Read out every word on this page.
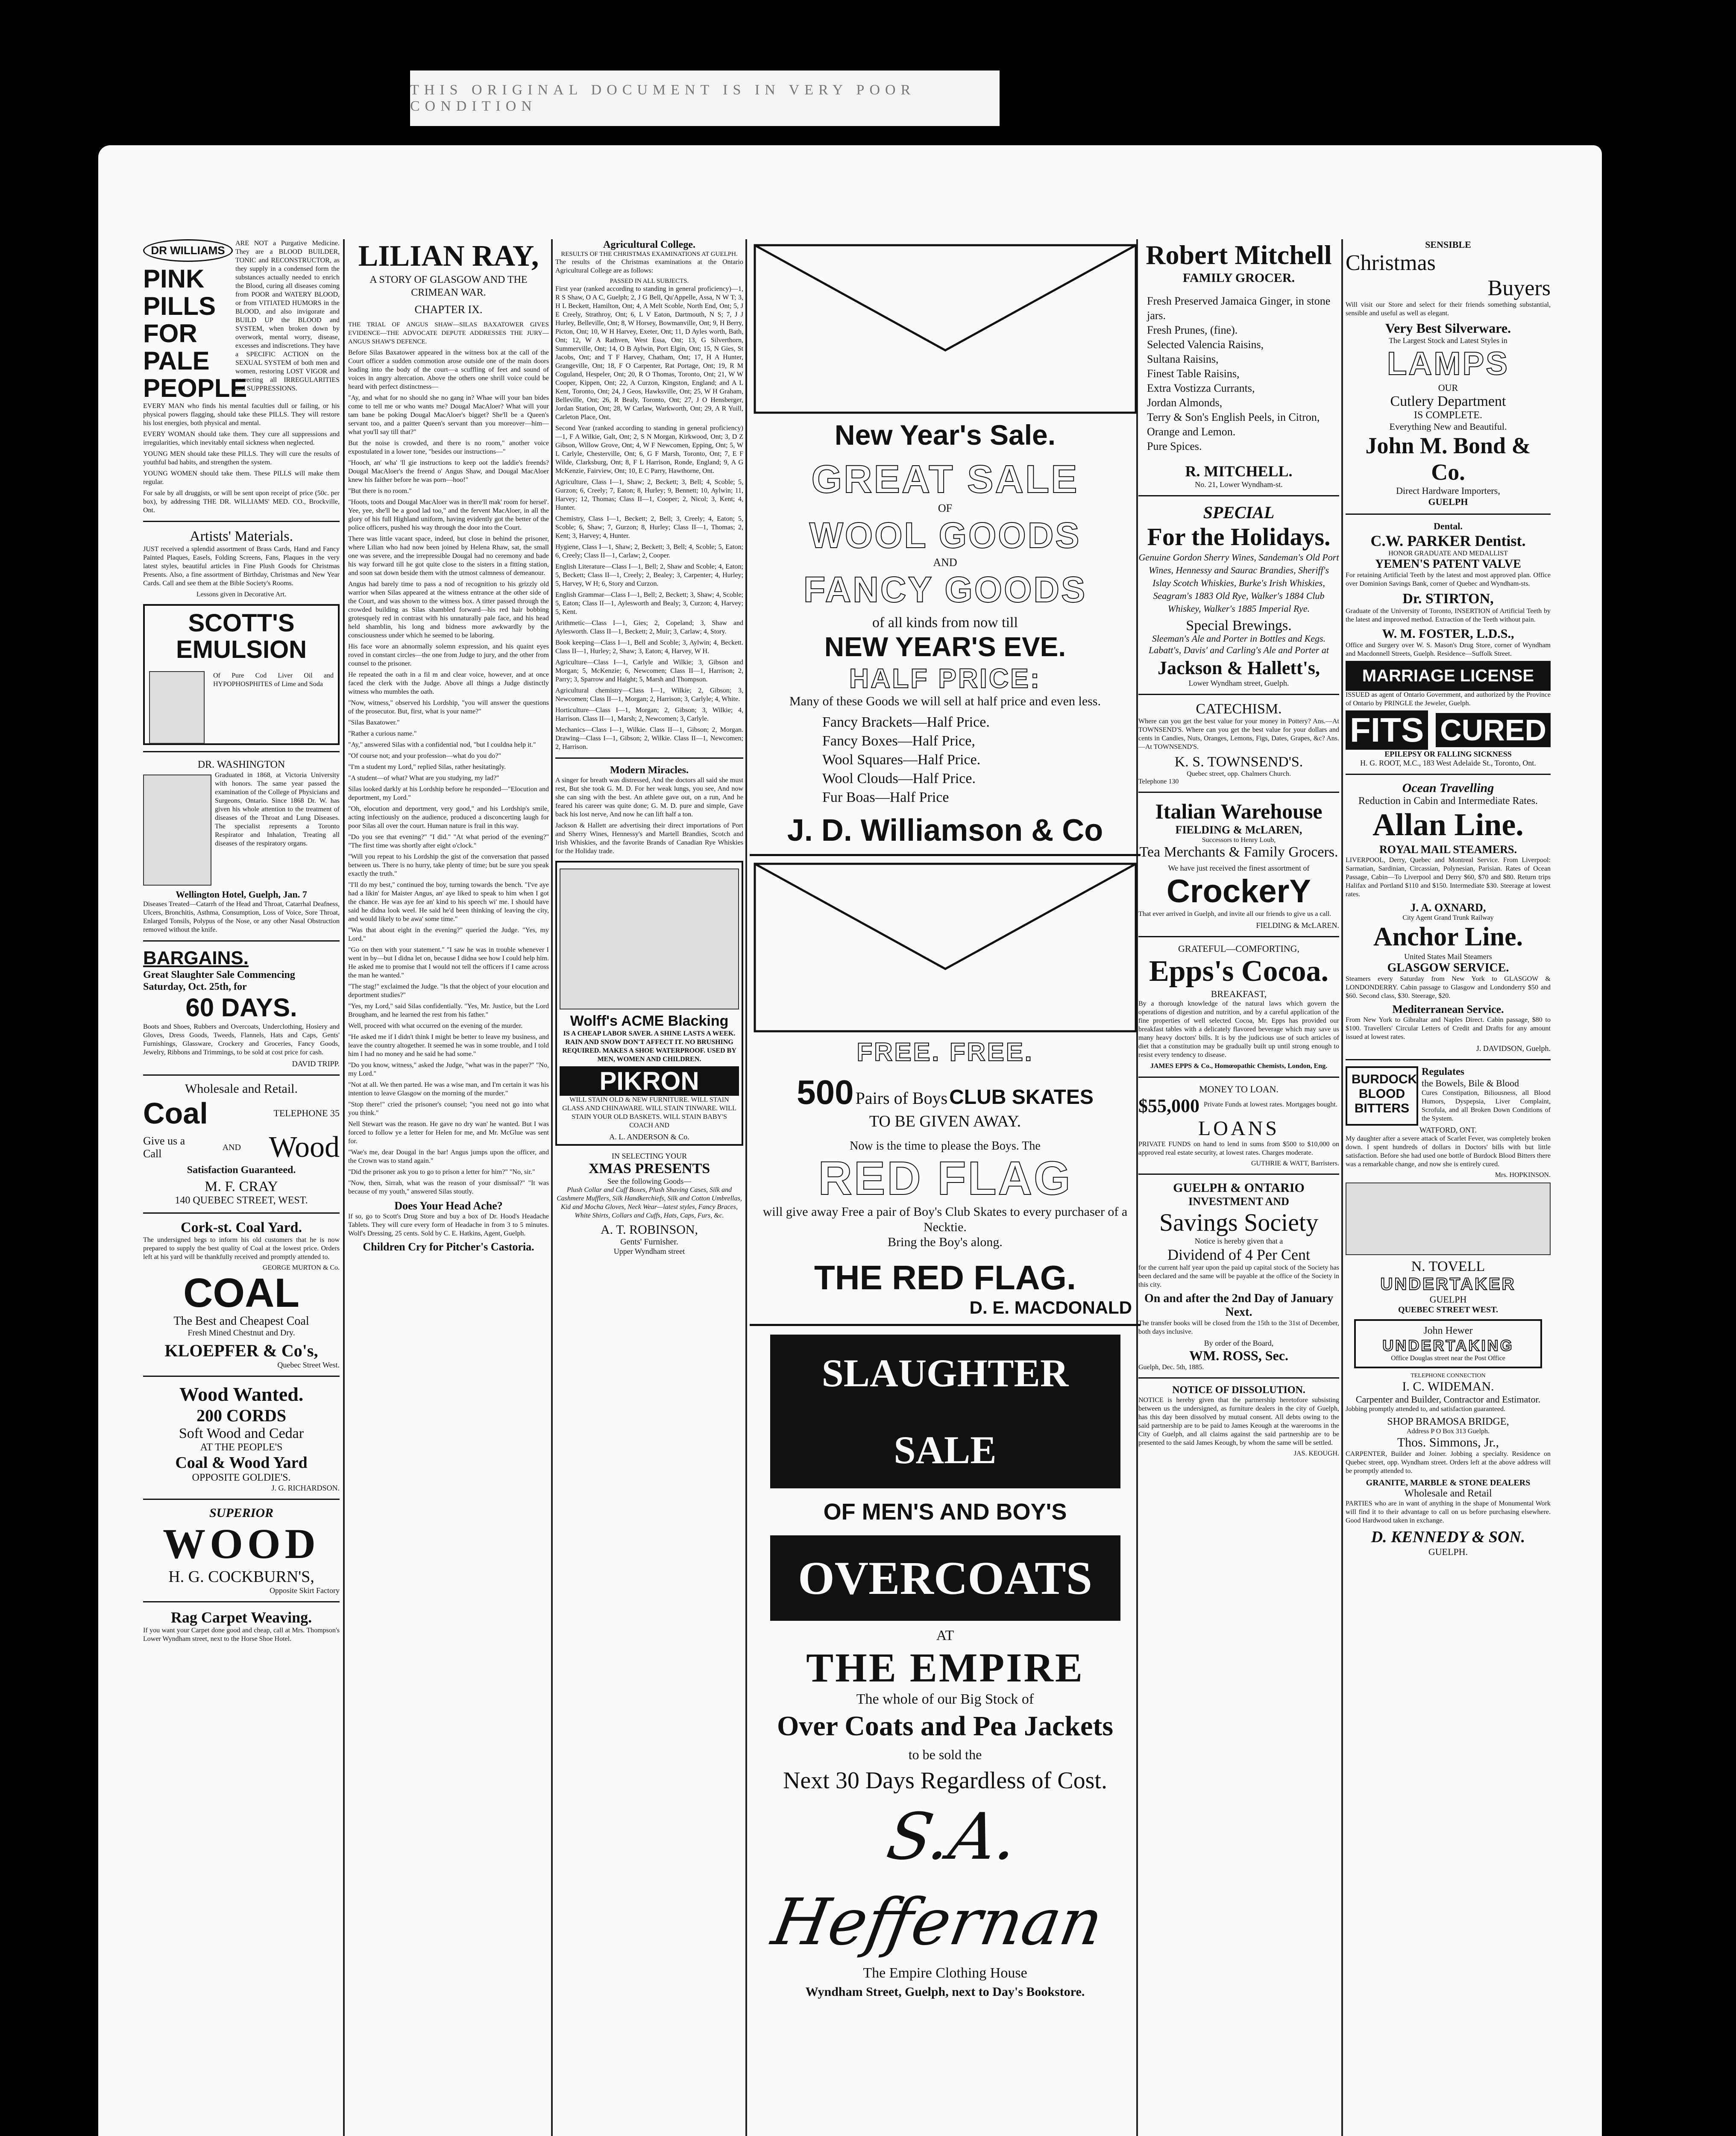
THIS ORIGINAL DOCUMENT IS IN VERY POOR CONDITION
DR WILLIAMS
PINK PILLS FOR PALE PEOPLE

ARE NOT a Purgative Medicine. They are a BLOOD BUILDER, TONIC and RECONSTRUCTOR, as they supply in a condensed form the substances actually needed to enrich the Blood, curing all diseases coming from POOR and WATERY BLOOD, or from VITIATED HUMORS in the BLOOD, and also invigorate and BUILD UP the BLOOD and SYSTEM, when broken down by overwork, mental worry, disease, excesses and indiscretions. They have a SPECIFIC ACTION on the SEXUAL SYSTEM of both men and women, restoring LOST VIGOR and correcting all IRREGULARITIES and SUPPRESSIONS.

EVERY MAN who finds his mental faculties dull or failing, or his physical powers flagging, should take these PILLS. They will restore his lost energies, both physical and mental.

EVERY WOMAN should take them. They cure all suppressions and irregularities, which inevitably entail sickness when neglected.

YOUNG MEN should take these PILLS. They will cure the results of youthful bad habits, and strengthen the system.

YOUNG WOMEN should take them. These PILLS will make them regular.

For sale by all druggists, or will be sent upon receipt of price (50c. per box), by addressing THE DR. WILLIAMS' MED. CO., Brockville, Ont.

Artists' Materials.

JUST received a splendid assortment of Brass Cards, Hand and Fancy Painted Plaques, Easels, Folding Screens, Fans, Plaques in the very latest styles, beautiful articles in Fine Plush Goods for Christmas Presents. Also, a fine assortment of Birthday, Christmas and New Year Cards. Call and see them at the Bible Society's Rooms.

Lessons given in Decorative Art.

SCOTT'S EMULSION

Of Pure Cod Liver Oil and HYPOPHOSPHITES of Lime and Soda

DR. WASHINGTON

Graduated in 1868, at Victoria University with honors. The same year passed the examination of the College of Physicians and Surgeons, Ontario. Since 1868 Dr. W. has given his whole attention to the treatment of diseases of the Throat and Lung Diseases. The specialist represents a Toronto Respirator and Inhalation, Treating all diseases of the respiratory organs.

Wellington Hotel, Guelph, Jan. 7

Diseases Treated—Catarrh of the Head and Throat, Catarrhal Deafness, Ulcers, Bronchitis, Asthma, Consumption, Loss of Voice, Sore Throat, Enlarged Tonsils, Polypus of the Nose, or any other Nasal Obstruction removed without the knife.

BARGAINS.
Great Slaughter Sale Commencing Saturday, Oct. 25th, for
60 DAYS.

Boots and Shoes, Rubbers and Overcoats, Underclothing, Hosiery and Gloves, Dress Goods, Tweeds, Flannels, Hats and Caps, Gents' Furnishings, Glassware, Crockery and Groceries, Fancy Goods, Jewelry, Ribbons and Trimmings, to be sold at cost price for cash.

DAVID TRIPP.
Wholesale and Retail.
Coal	TELEPHONE 35
Give us a Call
AND Wood
Satisfaction Guaranteed.
M. F. CRAY
140 QUEBEC STREET, WEST.
Cork-st. Coal Yard.

The undersigned begs to inform his old customers that he is now prepared to supply the best quality of Coal at the lowest price. Orders left at his yard will be thankfully received and promptly attended to.

GEORGE MURTON & Co.
COAL
The Best and Cheapest Coal
Fresh Mined Chestnut and Dry.
KLOEPFER & Co's,
Quebec Street West.
Wood Wanted.
200 CORDS
Soft Wood and Cedar
AT THE PEOPLE'S
Coal & Wood Yard
OPPOSITE GOLDIE'S.
J. G. RICHARDSON.
SUPERIOR
WOOD
H. G. COCKBURN'S,
Opposite Skirt Factory
Rag Carpet Weaving.

If you want your Carpet done good and cheap, call at Mrs. Thompson's Lower Wyndham street, next to the Horse Shoe Hotel.

LILIAN RAY,
A STORY OF GLASGOW AND THE CRIMEAN WAR.
CHAPTER IX.

THE TRIAL OF ANGUS SHAW—SILAS BAXATOWER GIVES EVIDENCE—THE ADVOCATE DEPUTE ADDRESSES THE JURY—ANGUS SHAW'S DEFENCE.

Before Silas Baxatower appeared in the witness box at the call of the Court officer a sudden commotion arose outside one of the main doors leading into the body of the court—a scuffling of feet and sound of voices in angry altercation. Above the others one shrill voice could be heard with perfect distinctness—

"Ay, and what for no should she no gang in? Whae will your ban bides come to tell me or who wants me? Dougal MacAloer? What will your tam bane be poking Dougal MacAloer's bigget? She'll be a Queen's servant too, and a paitter Queen's servant than you moreover—him—what you'll say till that?"

But the noise is crowded, and there is no room," another voice expostulated in a lower tone, "besides our instructions—"

"Hooch, an' wha' 'll gie instructions to keep oot the laddie's freends? Dougal MacAloer's the freend o' Angus Shaw, and Dougal MacAloer knew his faither before he was porn—hoo!"

"But there is no room."

"Hoots, toots and Dougal MacAloer was in there'll mak' room for hersel'. Yee, yee, she'll be a good lad too," and the fervent MacAloer, in all the glory of his full Highland uniform, having evidently got the better of the police officers, pushed his way through the door into the Court.

There was little vacant space, indeed, but close in behind the prisoner, where Lilian who had now been joined by Helena Rhaw, sat, the small one was severe, and the irrepressible Dougal had no ceremony and bade his way forward till he got quite close to the sisters in a fitting station, and soon sat down beside them with the utmost calmness of demeanour.

Angus had barely time to pass a nod of recognition to his grizzly old warrior when Silas appeared at the witness entrance at the other side of the Court, and was shown to the witness box. A titter passed through the crowded building as Silas shambled forward—his red hair bobbing grotesquely red in contrast with his unnaturally pale face, and his head held shamblin, his long and bidness more awkwardly by the consciousness under which he seemed to be laboring.

His face wore an abnormally solemn expression, and his quaint eyes roved in constant circles—the one from Judge to jury, and the other from counsel to the prisoner.

He repeated the oath in a fil m and clear voice, however, and at once faced the clerk with the Judge. Above all things a Judge distinctly witness who mumbles the oath.

"Now, witness," observed his Lordship, "you will answer the questions of the prosecutor. But, first, what is your name?"

"Silas Baxatower."

"Rather a curious name."

"Ay," answered Silas with a confidential nod, "but I couldna help it."

"Of course not; and your profession—what do you do?"

"I'm a student my Lord," replied Silas, rather hesitatingly.

"A student—of what? What are you studying, my lad?"

Silas looked darkly at his Lordship before he responded—"Elocution and deportment, my Lord."

"Oh, elocution and deportment, very good," and his Lordship's smile, acting infectiously on the audience, produced a disconcerting laugh for poor Silas all over the court. Human nature is frail in this way.

"Do you see that evening?" "I did." "At what period of the evening?" "The first time was shortly after eight o'clock."

"Will you repeat to his Lordship the gist of the conversation that passed between us. There is no hurry, take plenty of time; but be sure you speak exactly the truth."

"I'll do my best," continued the boy, turning towards the bench. "I've aye had a likin' for Maister Angus, an' aye liked to speak to him when I got the chance. He was aye fee an' kind to his speech wi' me. I should have said he didna look weel. He said he'd been thinking of leaving the city, and would likely to be awa' some time."

"Was that about eight in the evening?" queried the Judge. "Yes, my Lord."

"Go on then with your statement." "I saw he was in trouble whenever I went in by—but I didna let on, because I didna see how I could help him. He asked me to promise that I would not tell the officers if I came across the man he wanted."

"The stag!" exclaimed the Judge. "Is that the object of your elocution and deportment studies?"

"Yes, my Lord," said Silas confidentially. "Yes, Mr. Justice, but the Lord Brougham, and he learned the rest from his father."

Well, proceed with what occurred on the evening of the murder.

"He asked me if I didn't think I might be better to leave my business, and leave the country altogether. It seemed he was in some trouble, and I told him I had no money and he said he had some."

"Do you know, witness," asked the Judge, "what was in the paper?" "No, my Lord."

"Not at all. We then parted. He was a wise man, and I'm certain it was his intention to leave Glasgow on the morning of the murder."

"Stop there!" cried the prisoner's counsel; "you need not go into what you think."

Nell Stewart was the reason. He gave no dry wan' he wanted. But I was forced to follow ye a letter for Helen for me, and Mr. McGlue was sent for.

"Wae's me, dear Dougal in the bar! Angus jumps upon the officer, and the Crown was to stand again."

"Did the prisoner ask you to go to prison a letter for him?" "No, sir."

"Now, then, Sirrah, what was the reason of your dismissal?" "It was because of my youth," answered Silas stoutly.

Does Your Head Ache?

If so, go to Scott's Drug Store and buy a box of Dr. Hood's Headache Tablets. They will cure every form of Headache in from 3 to 5 minutes. Wolf's Dressing, 25 cents. Sold by C. E. Hatkins, Agent, Guelph.

Children Cry for Pitcher's Castoria.
Agricultural College.
RESULTS OF THE CHRISTMAS EXAMINATIONS AT GUELPH.

The results of the Christmas examinations at the Ontario Agricultural College are as follows:

PASSED IN ALL SUBJECTS.

First year (ranked according to standing in general proficiency)—1, R S Shaw, O A C, Guelph; 2, J G Bell, Qu'Appelle, Assa, N W T; 3, H L Beckett, Hamilton, Ont; 4, A Melt Scoble, North End, Ont; 5, J E Creely, Strathroy, Ont; 6, L V Eaton, Dartmouth, N S; 7, J J Hurley, Belleville, Ont; 8, W Horsey, Bowmanville, Ont; 9, H Berry, Picton, Ont; 10, W H Harvey, Exeter, Ont; 11, D Ayles worth, Bath, Ont; 12, W A Rathven, West Essa, Ont; 13, G Silverthorn, Summerville, Ont; 14, O B Aylwin, Port Elgin, Ont; 15, N Gies, St Jacobs, Ont; and T F Harvey, Chatham, Ont; 17, H A Hunter, Grangeville, Ont; 18, F O Carpenter, Rat Portage, Ont; 19, R M Coguland, Hespeler, Ont; 20, R O Thomas, Toronto, Ont; 21, W W Cooper, Kippen, Ont; 22, A Curzon, Kingston, England; and A L Kent, Toronto, Ont; 24, J Geos, Hawksville, Ont; 25, W H Graham, Belleville, Ont; 26, R Bealy, Toronto, Ont; 27, J O Hensberger, Jordan Station, Ont; 28, W Carlaw, Warkworth, Ont; 29, A R Yuill, Carleton Place, Ont.

Second Year (ranked according to standing in general proficiency)—1, F A Wilkie, Galt, Ont; 2, S N Morgan, Kirkwood, Ont; 3, D Z Gibson, Willow Grove, Ont; 4, W F Newcomen, Epping, Ont; 5, W L Carlyle, Chesterville, Ont; 6, G F Marsh, Toronto, Ont; 7, E F Wilde, Clarksburg, Ont; 8, F L Harrison, Ronde, England; 9, A G McKenzie, Fairview, Ont; 10, E C Parry, Hawthorne, Ont.

Agriculture, Class I—1, Shaw; 2, Beckett; 3, Bell; 4, Scoble; 5, Gurzon; 6, Creely; 7, Eaton; 8, Hurley; 9, Bennett; 10, Aylwin; 11, Harvey; 12, Thomas; Class II—1, Cooper; 2, Nicol; 3, Kent; 4, Hunter.

Chemistry, Class I—1, Beckett; 2, Bell; 3, Creely; 4, Eaton; 5, Scoble; 6, Shaw; 7, Gurzon; 8, Hurley; Class II—1, Thomas; 2, Kent; 3, Harvey; 4, Hunter.

Hygiene, Class I—1, Shaw; 2, Beckett; 3, Bell; 4, Scoble; 5, Eaton; 6, Creely; Class II—1, Carlaw; 2, Cooper.

English Literature—Class I—1, Bell; 2, Shaw and Scoble; 4, Eaton; 5, Beckett; Class II—1, Creely; 2, Bealey; 3, Carpenter; 4, Hurley; 5, Harvey, W H; 6, Story and Curzon.

English Grammar—Class I—1, Bell; 2, Beckett; 3, Shaw; 4, Scoble; 5, Eaton; Class II—1, Aylesworth and Bealy; 3, Curzon; 4, Harvey; 5, Kent.

Arithmetic—Class I—1, Gies; 2, Copeland; 3, Shaw and Aylesworth. Class II—1, Beckett; 2, Muir; 3, Carlaw; 4, Story.

Book keeping—Class I—1, Bell and Scoble; 3, Aylwin; 4, Beckett. Class II—1, Hurley; 2, Shaw; 3, Eaton; 4, Harvey, W H.

Agriculture—Class I—1, Carlyle and Wilkie; 3, Gibson and Morgan; 5, McKenzie; 6, Newcomen; Class II—1, Harrison; 2, Parry; 3, Sparrow and Haight; 5, Marsh and Thompson.

Agricultural chemistry—Class I—1, Wilkie; 2, Gibson; 3, Newcomen; Class II—1, Morgan; 2, Harrison; 3, Carlyle; 4, White.

Horticulture—Class I—1, Morgan; 2, Gibson; 3, Wilkie; 4, Harrison. Class II—1, Marsh; 2, Newcomen; 3, Carlyle.

Mechanics—Class I—1, Wilkie. Class II—1, Gibson; 2, Morgan. Drawing—Class I—1, Gibson; 2, Wilkie. Class II—1, Newcomen; 2, Harrison.

Modern Miracles.

A singer for breath was distressed, And the doctors all said she must rest, But she took G. M. D. For her weak lungs, you see, And now she can sing with the best. An athlete gave out, on a run, And he feared his career was quite done; G. M. D. pure and simple, Gave back his lost nerve, And now he can lift half a ton.

Jackson & Hallett are advertising their direct importations of Port and Sherry Wines, Hennessy's and Martell Brandies, Scotch and Irish Whiskies, and the favorite Brands of Canadian Rye Whiskies for the Holiday trade.

Wolff's ACME Blacking

IS A CHEAP LABOR SAVER. A SHINE LASTS A WEEK. RAIN AND SNOW DON'T AFFECT IT. NO BRUSHING REQUIRED. MAKES A SHOE WATERPROOF. USED BY MEN, WOMEN AND CHILDREN.

PIKRON

WILL STAIN OLD & NEW FURNITURE. WILL STAIN GLASS AND CHINAWARE. WILL STAIN TINWARE. WILL STAIN YOUR OLD BASKETS. WILL STAIN BABY'S COACH AND

A. L. ANDERSON & Co.
IN SELECTING YOUR
XMAS PRESENTS
See the following Goods—

Plush Collar and Cuff Boxes, Plush Shaving Cases, Silk and Cashmere Mufflers, Silk Handkerchiefs, Silk and Cotton Umbrellas, Kid and Mocha Gloves, Neck Wear—latest styles, Fancy Braces, White Shirts, Collars and Cuffs, Hats, Caps, Furs, &c.

A. T. ROBINSON,
Gents' Furnisher.
Upper Wyndham street
New Year's Sale.
GREAT SALE
OF
WOOL GOODS
AND
FANCY GOODS
of all kinds from now till
NEW YEAR'S EVE.
HALF PRICE:
Many of these Goods we will sell at half price and even less.
Fancy Brackets—Half Price.
Fancy Boxes—Half Price,
Wool Squares—Half Price.
Wool Clouds—Half Price.
Fur Boas—Half Price
J. D. Williamson & Co
FREE. FREE.
500 Pairs of Boys CLUB SKATES
TO BE GIVEN AWAY.
Now is the time to please the Boys. The
RED FLAG
will give away Free a pair of Boy's Club Skates to every purchaser of a Necktie.
Bring the Boy's along.
THE RED FLAG.
D. E. MACDONALD
SLAUGHTER SALE
OF MEN'S AND BOY'S
OVERCOATS
AT
THE EMPIRE
The whole of our Big Stock of
Over Coats and Pea Jackets
to be sold the
Next 30 Days Regardless of Cost.
S.A. Heffernan
The Empire Clothing House
Wyndham Street, Guelph, next to Day's Bookstore.
Robert Mitchell
FAMILY GROCER.
Fresh Preserved Jamaica Ginger, in stone jars.
Fresh Prunes, (fine).
Selected Valencia Raisins,
Sultana Raisins,
Finest Table Raisins,
Extra Vostizza Currants,
Jordan Almonds,
Terry & Son's English Peels, in Citron, Orange and Lemon.
Pure Spices.
R. MITCHELL.
No. 21, Lower Wyndham-st.
SPECIAL
For the Holidays.

Genuine Gordon Sherry Wines, Sandeman's Old Port Wines, Hennessy and Saurac Brandies, Sheriff's Islay Scotch Whiskies, Burke's Irish Whiskies, Seagram's 1883 Old Rye, Walker's 1884 Club Whiskey, Walker's 1885 Imperial Rye.

Special Brewings.

Sleeman's Ale and Porter in Bottles and Kegs.

Labatt's, Davis' and Carling's Ale and Porter at

Jackson & Hallett's,
Lower Wyndham street, Guelph.
CATECHISM.

Where can you get the best value for your money in Pottery? Ans.—At TOWNSEND'S. Where can you get the best value for your dollars and cents in Candies, Nuts, Oranges, Lemons, Figs, Dates, Grapes, &c? Ans.—At TOWNSEND'S.

K. S. TOWNSEND'S.
Quebec street, opp. Chalmers Church.
Telephone 130
Italian Warehouse
FIELDING & McLAREN,
Successors to Henry Loub,
Tea Merchants & Family Grocers.
We have just received the finest assortment of
CrockerY

That ever arrived in Guelph, and invite all our friends to give us a call.

FIELDING & McLAREN.
GRATEFUL—COMFORTING,
Epps's Cocoa.
BREAKFAST,

By a thorough knowledge of the natural laws which govern the operations of digestion and nutrition, and by a careful application of the fine properties of well selected Cocoa, Mr. Epps has provided our breakfast tables with a delicately flavored beverage which may save us many heavy doctors' bills. It is by the judicious use of such articles of diet that a constitution may be gradually built up until strong enough to resist every tendency to disease.

JAMES EPPS & Co., Homœopathic Chemists, London, Eng.

MONEY TO LOAN.
$55,000 Private Funds at lowest rates. Mortgages bought.

LOANS

PRIVATE FUNDS on hand to lend in sums from $500 to $10,000 on approved real estate security, at lowest rates. Charges moderate.

GUTHRIE & WATT, Barristers.
GUELPH & ONTARIO
INVESTMENT AND
Savings Society
Notice is hereby given that a
Dividend of 4 Per Cent

for the current half year upon the paid up capital stock of the Society has been declared and the same will be payable at the office of the Society in this city.

On and after the 2nd Day of January Next.

The transfer books will be closed from the 15th to the 31st of December, both days inclusive.

By order of the Board,
WM. ROSS, Sec.
Guelph, Dec. 5th, 1885.
NOTICE OF DISSOLUTION.

NOTICE is hereby given that the partnership heretofore subsisting between us the undersigned, as furniture dealers in the city of Guelph, has this day been dissolved by mutual consent. All debts owing to the said partnership are to be paid to James Keough at the warerooms in the City of Guelph, and all claims against the said partnership are to be presented to the said James Keough, by whom the same will be settled.

JAS. KEOUGH.
SENSIBLE
Christmas
Buyers

Will visit our Store and select for their friends something substantial, sensible and useful as well as elegant.

Very Best Silverware.
The Largest Stock and Latest Styles in
LAMPS
OUR
Cutlery Department
IS COMPLETE.
Everything New and Beautiful.
John M. Bond & Co.
Direct Hardware Importers,
GUELPH
Dental.
C.W. PARKER Dentist.
HONOR GRADUATE AND MEDALLIST
YEMEN'S PATENT VALVE

For retaining Artificial Teeth by the latest and most approved plan. Office over Dominion Savings Bank, corner of Quebec and Wyndham-sts.

Dr. STIRTON,

Graduate of the University of Toronto, INSERTION of Artificial Teeth by the latest and improved method. Extraction of the Teeth without pain.

W. M. FOSTER, L.D.S.,

Office and Surgery over W. S. Mason's Drug Store, corner of Wyndham and Macdonnell Streets, Guelph. Residence—Suffolk Street.

MARRIAGE LICENSE

ISSUED as agent of Ontario Government, and authorized by the Province of Ontario by PRINGLE the Jeweler, Guelph.

FITS CURED
EPILEPSY OR FALLING SICKNESS
H. G. ROOT, M.C., 183 West Adelaide St., Toronto, Ont.
Ocean Travelling
Reduction in Cabin and Intermediate Rates.
Allan Line.
ROYAL MAIL STEAMERS.

LIVERPOOL, Derry, Quebec and Montreal Service. From Liverpool: Sarmatian, Sardinian, Circassian, Polynesian, Parisian. Rates of Ocean Passage, Cabin—To Liverpool and Derry $60, $70 and $80. Return trips Halifax and Portland $110 and $150. Intermediate $30. Steerage at lowest rates.

J. A. OXNARD,
City Agent Grand Trunk Railway
Anchor Line.
United States Mail Steamers
GLASGOW SERVICE.

Steamers every Saturday from New York to GLASGOW & LONDONDERRY. Cabin passage to Glasgow and Londonderry $50 and $60. Second class, $30. Steerage, $20.

Mediterranean Service.

From New York to Gibraltar and Naples Direct. Cabin passage, $80 to $100. Travellers' Circular Letters of Credit and Drafts for any amount issued at lowest rates.

J. DAVIDSON, Guelph.
BURDOCK BLOOD BITTERS
Regulates
the Bowels, Bile & Blood

Cures Constipation, Biliousness, all Blood Humors, Dyspepsia, Liver Complaint, Scrofula, and all Broken Down Conditions of the System.

WATFORD, ONT.

My daughter after a severe attack of Scarlet Fever, was completely broken down. I spent hundreds of dollars in Doctors' bills with but little satisfaction. Before she had used one bottle of Burdock Blood Bitters there was a remarkable change, and now she is entirely cured.

Mrs. HOPKINSON.
N. TOVELL
UNDERTAKER
GUELPH
QUEBEC STREET WEST.
John Hewer
UNDERTAKING
Office Douglas street near the Post Office
TELEPHONE CONNECTION
I. C. WIDEMAN.
Carpenter and Builder, Contractor and Estimator.

Jobbing promptly attended to, and satisfaction guaranteed.

SHOP BRAMOSA BRIDGE,
Address P O Box 313 Guelph.
Thos. Simmons, Jr.,

CARPENTER, Builder and Joiner. Jobbing a specialty. Residence on Quebec street, opp. Wyndham street. Orders left at the above address will be promptly attended to.

GRANITE, MARBLE & STONE DEALERS
Wholesale and Retail

PARTIES who are in want of anything in the shape of Monumental Work will find it to their advantage to call on us before purchasing elsewhere. Good Hardwood taken in exchange.

D. KENNEDY & SON.
GUELPH.
